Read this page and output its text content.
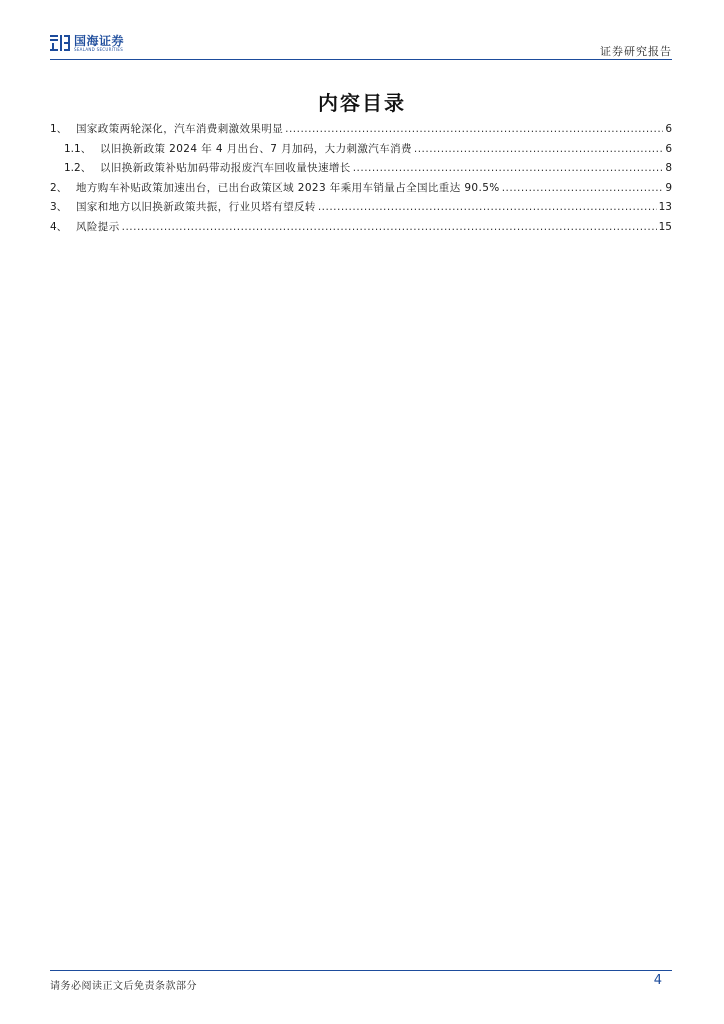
国海证券
SEALAND SECURITIES	证券研究报告
内容目录
1、 国家政策两轮深化，汽车消费刺激效果明显 .....	6
1.1、 以旧换新政策 2024 年 4 月出台、7 月加码，大力刺激汽车消费 .....	6
1.2、 以旧换新政策补贴加码带动报废汽车回收量快速增长 .....	8
2、 地方购车补贴政策加速出台，已出台政策区域 2023 年乘用车销量占全国比重达 90.5% .....	9
3、 国家和地方以旧换新政策共振，行业贝塔有望反转 .....	13
4、 风险提示 .....	15
请务必阅读正文后免责条款部分	4
